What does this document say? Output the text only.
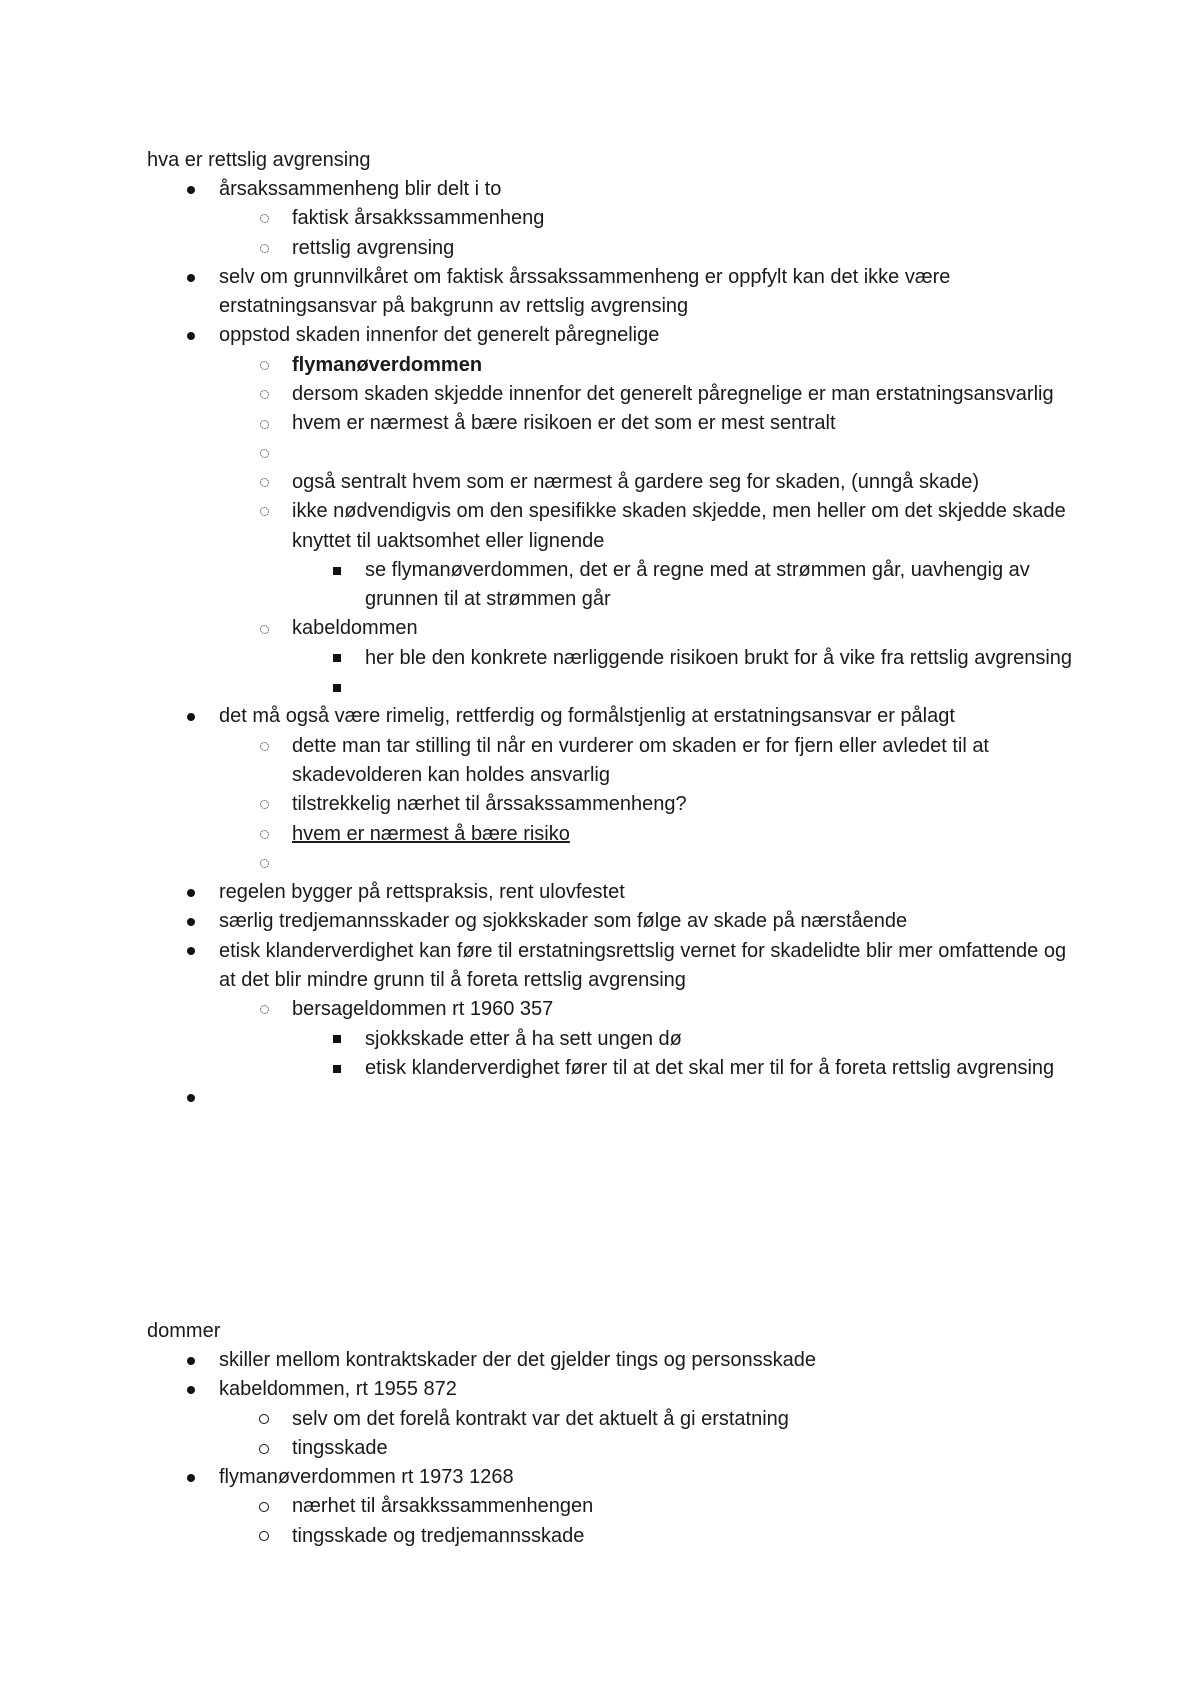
hva er rettslig avgrensing
årsakssammenheng blir delt i to
faktisk årsakkssammenheng
rettslig avgrensing
selv om grunnvilkåret om faktisk årssakssammenheng er oppfylt kan det ikke være erstatningsansvar på bakgrunn av rettslig avgrensing
oppstod skaden innenfor det generelt påregnelige
flymanøverdommen
dersom skaden skjedde innenfor det generelt påregnelige er man erstatningsansvarlig
hvem er nærmest å bære risikoen er det som er mest sentralt
også sentralt hvem som er nærmest å gardere seg for skaden, (unngå skade)
ikke nødvendigvis om den spesifikke skaden skjedde, men heller om det skjedde skade knyttet til uaktsomhet eller lignende
se flymanøverdommen, det er å regne med at strømmen går, uavhengig av grunnen til at strømmen går
kabeldommen
her ble den konkrete nærliggende risikoen brukt for å vike fra rettslig avgrensing
det må også være rimelig, rettferdig og formålstjenlig at erstatningsansvar er pålagt
dette man tar stilling til når en vurderer om skaden er for fjern eller avledet til at skadevolderen kan holdes ansvarlig
tilstrekkelig nærhet til årssakssammenheng?
hvem er nærmest å bære risiko
regelen bygger på rettspraksis, rent ulovfestet
særlig tredjemannsskader og sjokkskader som følge av skade på nærstående
etisk klanderverdighet kan føre til erstatningsrettslig vernet for skadelidte blir mer omfattende og at det blir mindre grunn til å foreta rettslig avgrensing
bersageldommen rt 1960 357
sjokkskade etter å ha sett ungen dø
etisk klanderverdighet fører til at det skal mer til for å foreta rettslig avgrensing
dommer
skiller mellom kontraktskader der det gjelder tings og personsskade
kabeldommen, rt 1955 872
selv om det forelå kontrakt var det aktuelt å gi erstatning
tingsskade
flymanøverdommen rt 1973 1268
nærhet til årsakkssammenhengen
tingsskade og tredjemannsskade
